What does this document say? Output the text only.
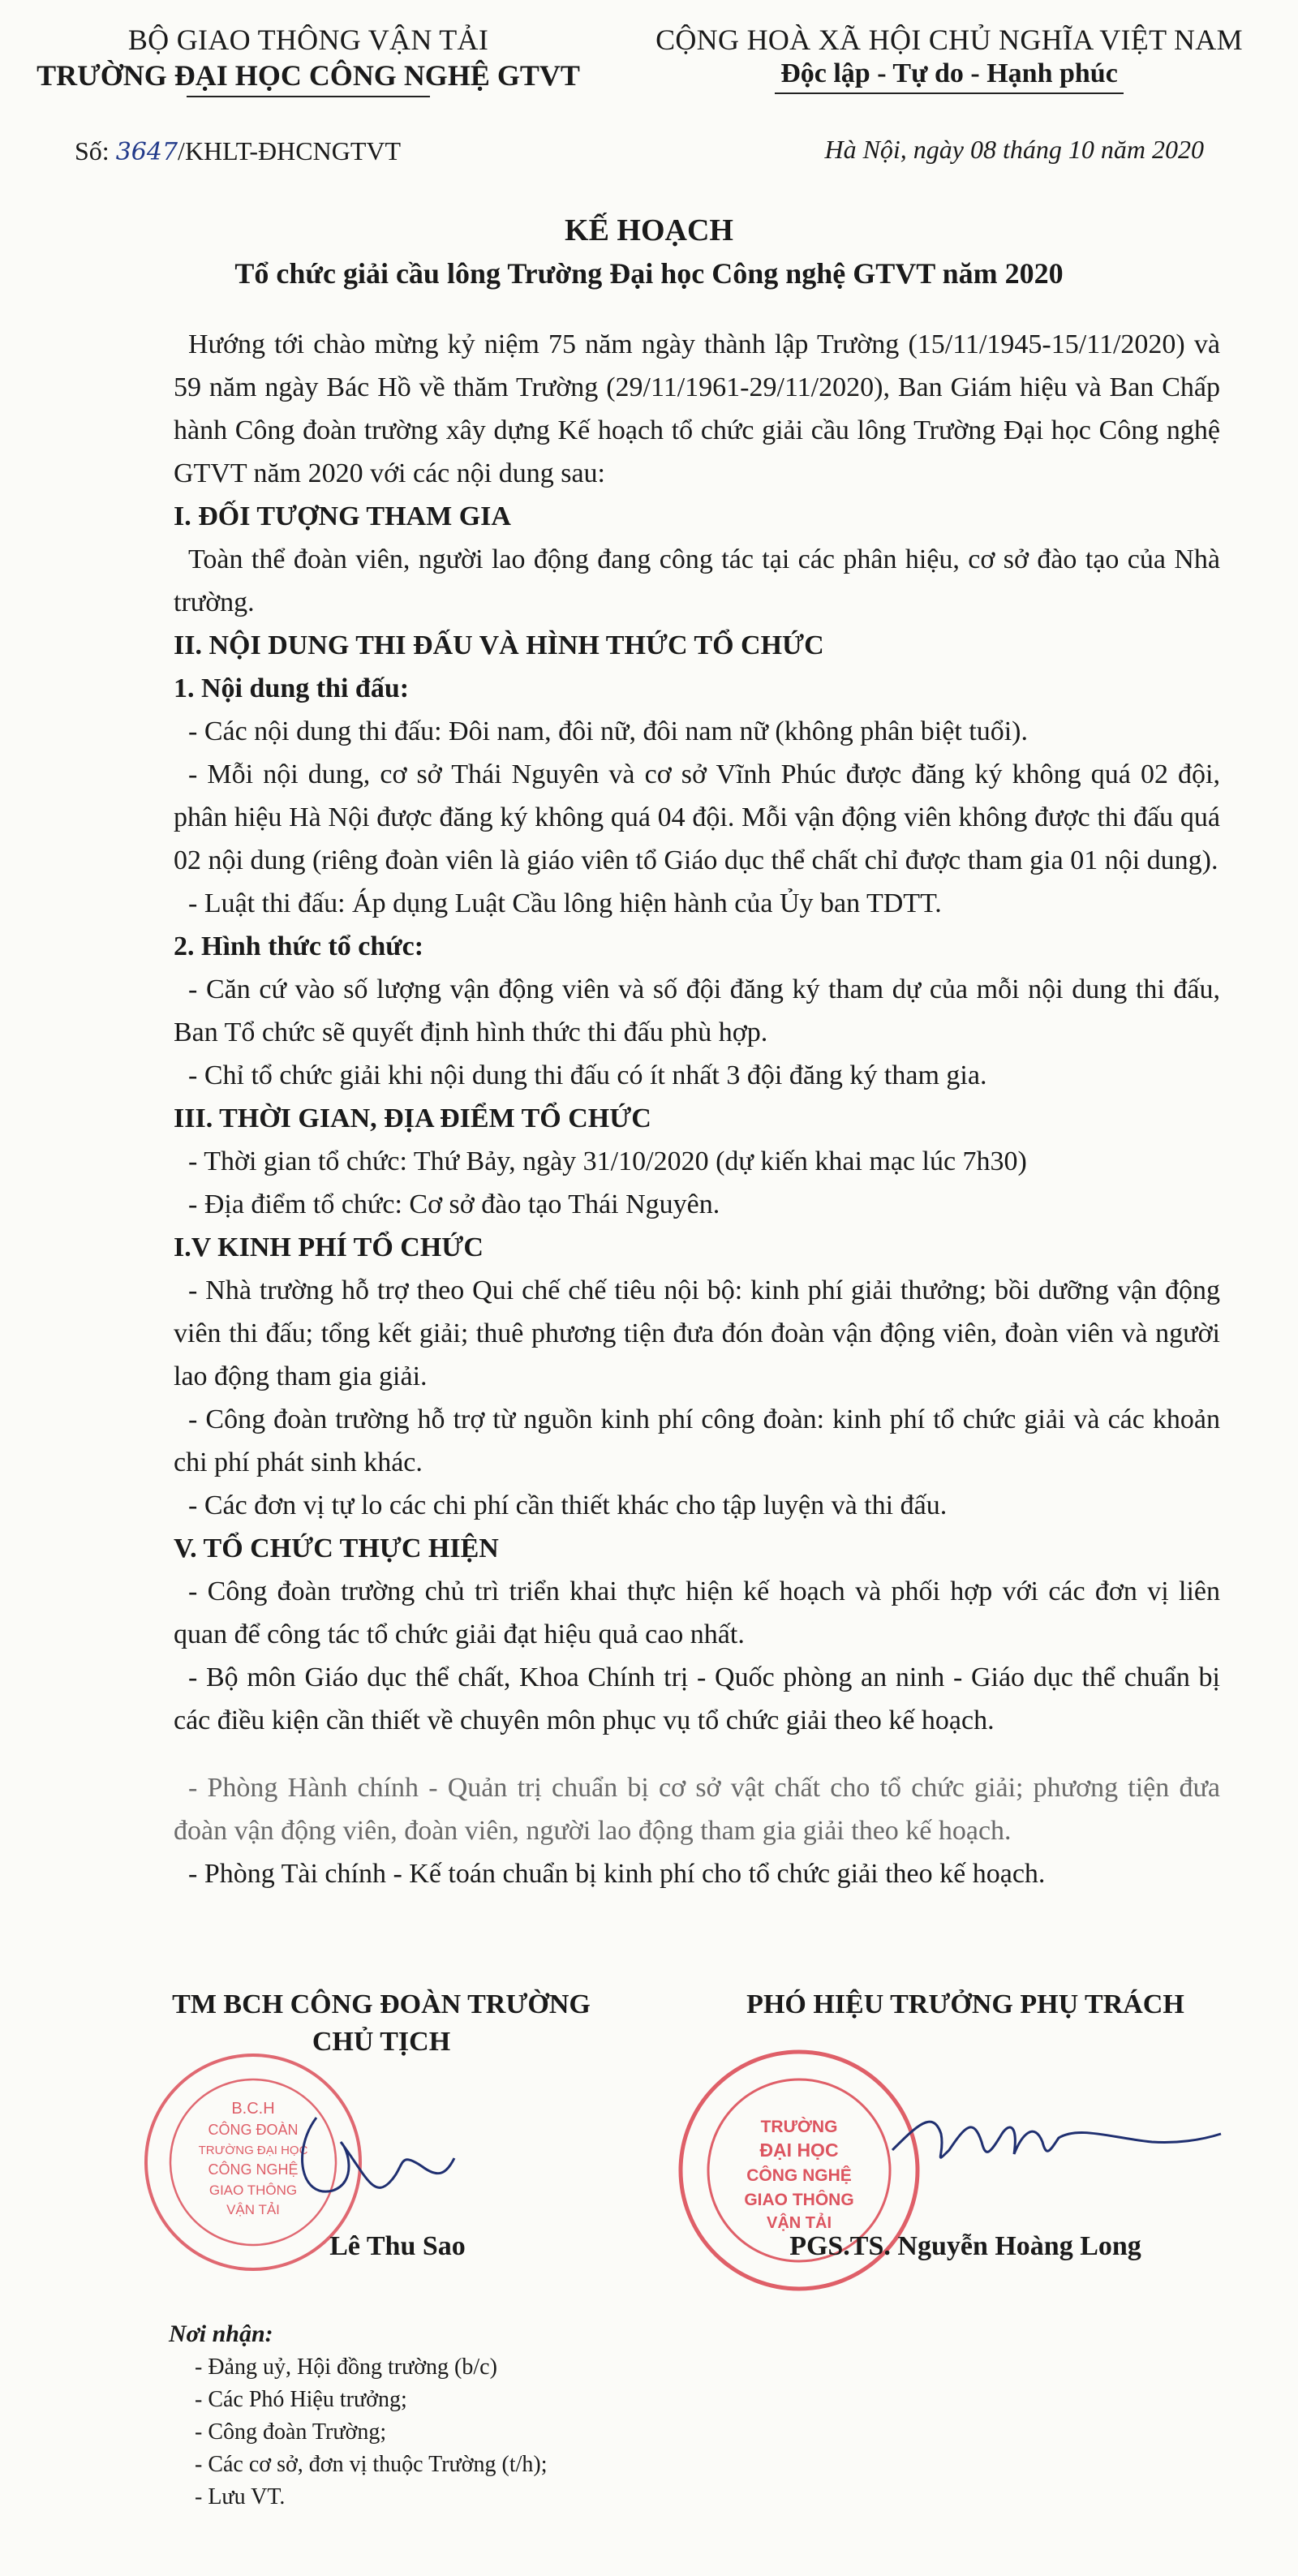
BỘ GIAO THÔNG VẬN TẢI
TRƯỜNG ĐẠI HỌC CÔNG NGHỆ GTVT
CỘNG HOÀ XÃ HỘI CHỦ NGHĨA VIỆT NAM
Độc lập - Tự do - Hạnh phúc
Số: 3647/KHLT-ĐHCNGTVT	Hà Nội, ngày 08 tháng 10 năm 2020
KẾ HOẠCH
Tổ chức giải cầu lông Trường Đại học Công nghệ GTVT năm 2020

Hướng tới chào mừng kỷ niệm 75 năm ngày thành lập Trường (15/11/1945-15/11/2020) và 59 năm ngày Bác Hồ về thăm Trường (29/11/1961-29/11/2020), Ban Giám hiệu và Ban Chấp hành Công đoàn trường xây dựng Kế hoạch tổ chức giải cầu lông Trường Đại học Công nghệ GTVT năm 2020 với các nội dung sau:

I. ĐỐI TƯỢNG THAM GIA

Toàn thể đoàn viên, người lao động đang công tác tại các phân hiệu, cơ sở đào tạo của Nhà trường.

II. NỘI DUNG THI ĐẤU VÀ HÌNH THỨC TỔ CHỨC

1. Nội dung thi đấu:

- Các nội dung thi đấu: Đôi nam, đôi nữ, đôi nam nữ (không phân biệt tuổi).

- Mỗi nội dung, cơ sở Thái Nguyên và cơ sở Vĩnh Phúc được đăng ký không quá 02 đội, phân hiệu Hà Nội được đăng ký không quá 04 đội. Mỗi vận động viên không được thi đấu quá 02 nội dung (riêng đoàn viên là giáo viên tổ Giáo dục thể chất chỉ được tham gia 01 nội dung).

- Luật thi đấu: Áp dụng Luật Cầu lông hiện hành của Ủy ban TDTT.

2. Hình thức tổ chức:

- Căn cứ vào số lượng vận động viên và số đội đăng ký tham dự của mỗi nội dung thi đấu, Ban Tổ chức sẽ quyết định hình thức thi đấu phù hợp.

- Chỉ tổ chức giải khi nội dung thi đấu có ít nhất 3 đội đăng ký tham gia.

III. THỜI GIAN, ĐỊA ĐIỂM TỔ CHỨC

- Thời gian tổ chức: Thứ Bảy, ngày 31/10/2020 (dự kiến khai mạc lúc 7h30)

- Địa điểm tổ chức: Cơ sở đào tạo Thái Nguyên.

I.V KINH PHÍ TỔ CHỨC

- Nhà trường hỗ trợ theo Qui chế chế tiêu nội bộ: kinh phí giải thưởng; bồi dưỡng vận động viên thi đấu; tổng kết giải; thuê phương tiện đưa đón đoàn vận động viên, đoàn viên và người lao động tham gia giải.

- Công đoàn trường hỗ trợ từ nguồn kinh phí công đoàn: kinh phí tổ chức giải và các khoản chi phí phát sinh khác.

- Các đơn vị tự lo các chi phí cần thiết khác cho tập luyện và thi đấu.

V. TỔ CHỨC THỰC HIỆN

- Công đoàn trường chủ trì triển khai thực hiện kế hoạch và phối hợp với các đơn vị liên quan để công tác tổ chức giải đạt hiệu quả cao nhất.

- Bộ môn Giáo dục thể chất, Khoa Chính trị - Quốc phòng an ninh - Giáo dục thể chuẩn bị các điều kiện cần thiết về chuyên môn phục vụ tổ chức giải theo kế hoạch.

- Phòng Hành chính - Quản trị chuẩn bị cơ sở vật chất cho tổ chức giải; phương tiện đưa đoàn vận động viên, đoàn viên, người lao động tham gia giải theo kế hoạch.

- Phòng Tài chính - Kế toán chuẩn bị kinh phí cho tổ chức giải theo kế hoạch.

TM BCH CÔNG ĐOÀN TRƯỜNG
CHỦ TỊCH
PHÓ HIỆU TRƯỞNG PHỤ TRÁCH
B.C.H
CÔNG ĐOÀN
TRƯỜNG ĐẠI HỌC
CÔNG NGHỆ
GIAO THÔNG
VẬN TẢI
Lê Thu Sao
TRƯỜNG
ĐẠI HỌC
CÔNG NGHỆ
GIAO THÔNG
VẬN TẢI
PGS.TS. Nguyễn Hoàng Long
Nơi nhận:
- Đảng uỷ, Hội đồng trường (b/c)
- Các Phó Hiệu trưởng;
- Công đoàn Trường;
- Các cơ sở, đơn vị thuộc Trường (t/h);
- Lưu VT.
